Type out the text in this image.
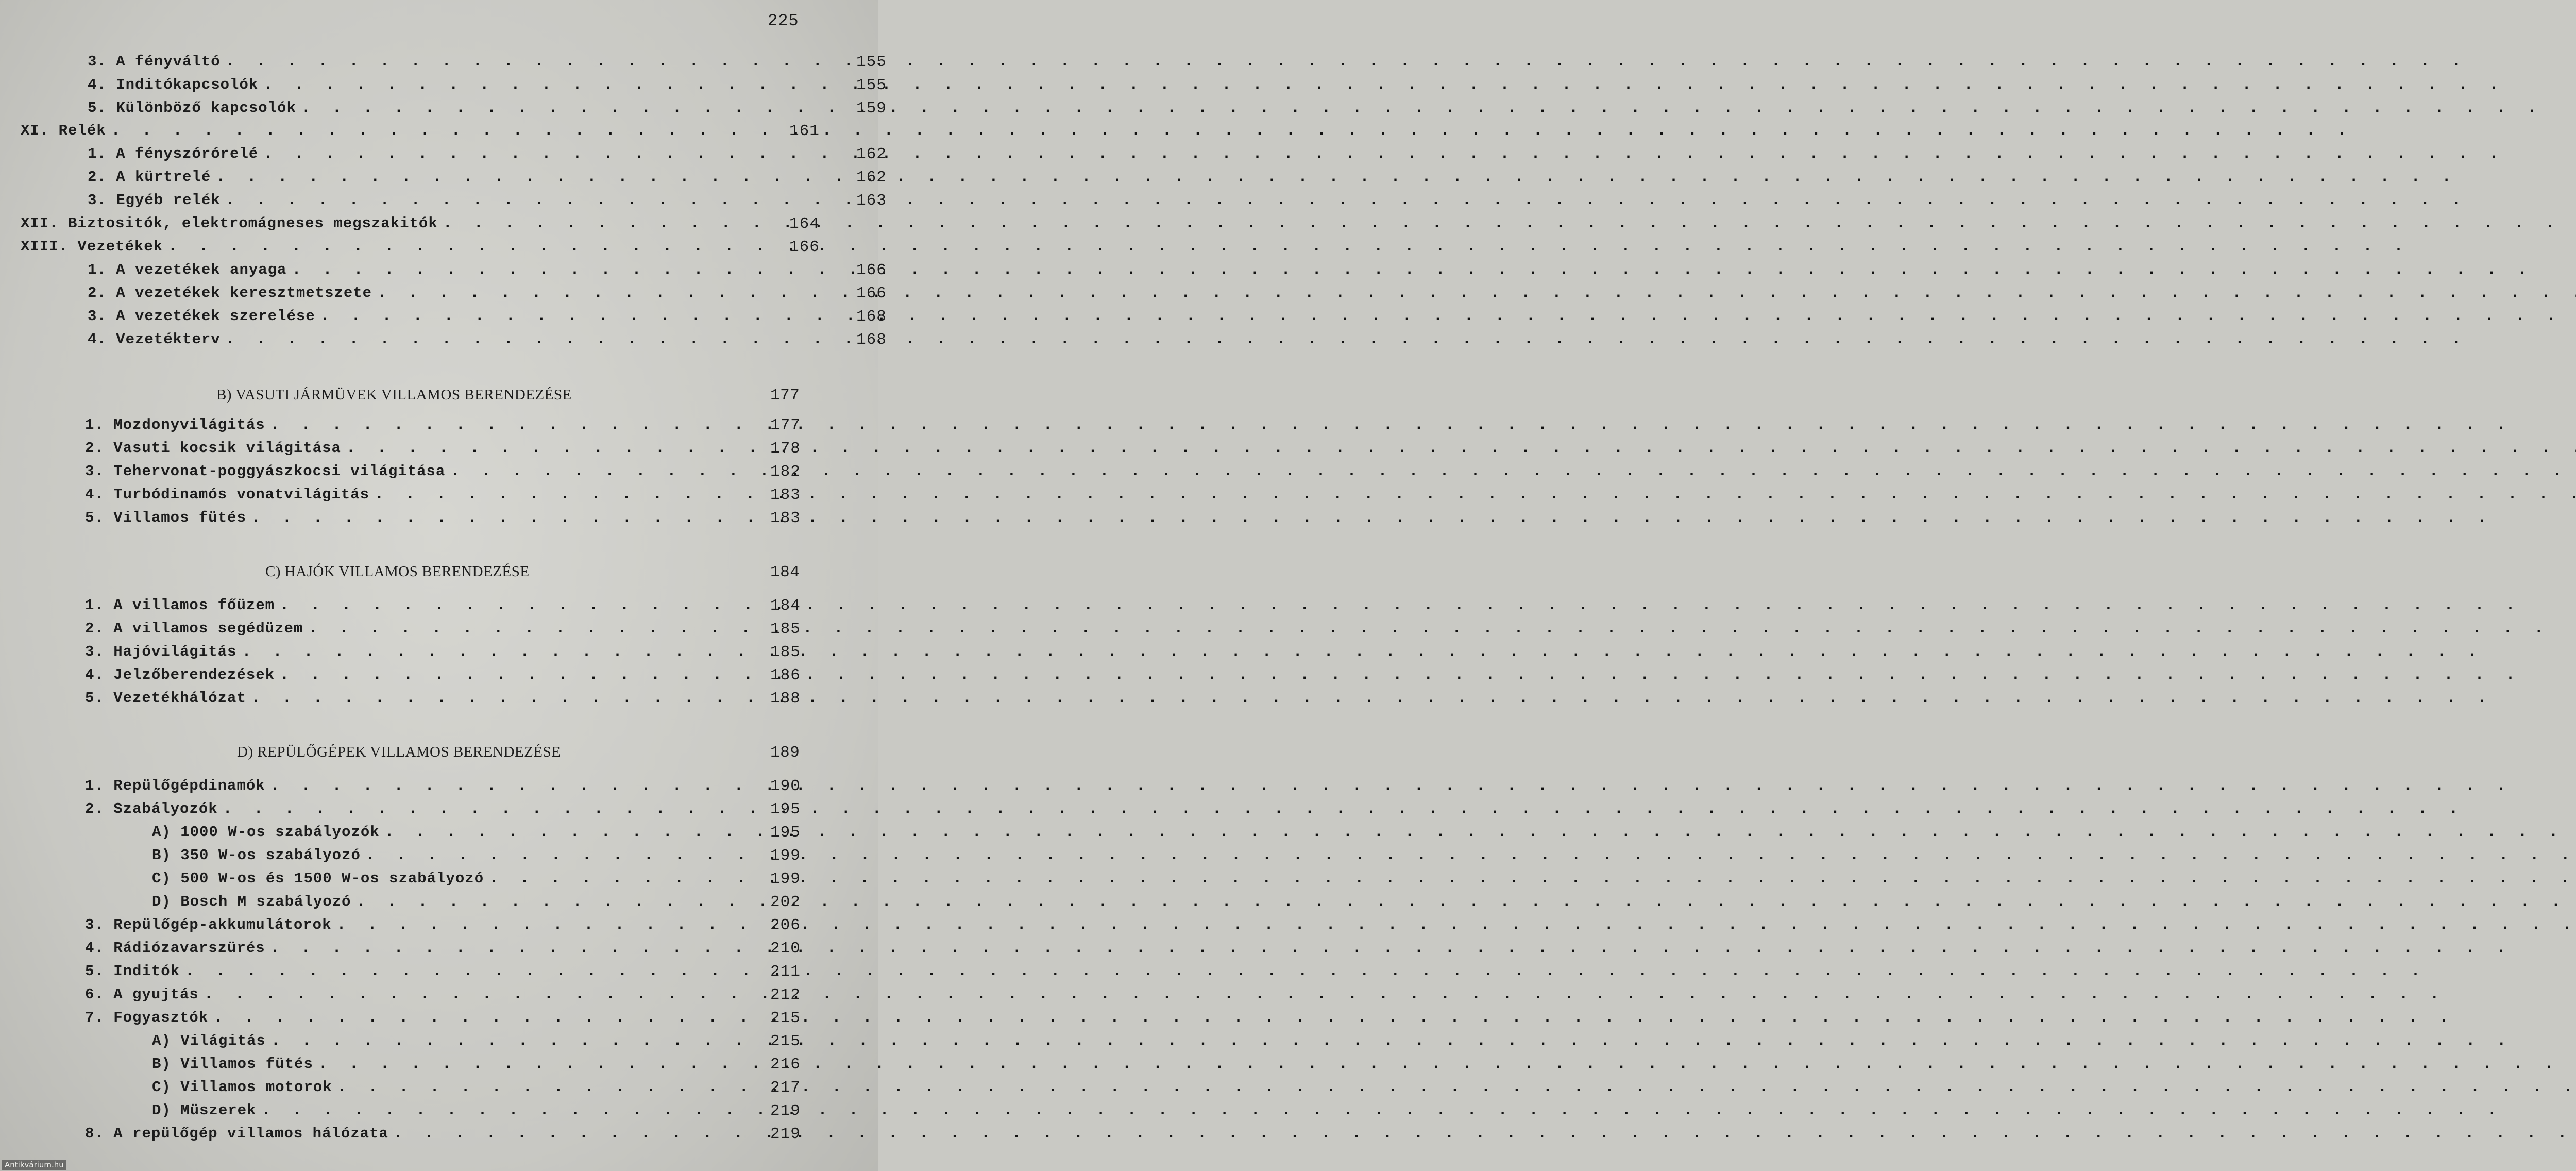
225
3. A fényváltó . . .	155
4. Inditókapcsolók . . .	155
5. Különböző kapcsolók . . .	159
XI. Relék . . .	161
1. A fényszórórelé . . .	162
2. A kürtrelé . . .	162
3. Egyéb relék . . .	163
XII. Biztositók, elektromágneses megszakitók . . .	164
XIII. Vezetékek . . .	166
1. A vezetékek anyaga . . .	166
2. A vezetékek keresztmetszete . . .	166
3. A vezetékek szerelése . . .	168
4. Vezetékterv . . .	168
B) VASUTI JÁRMÜVEK VILLAMOS BERENDEZÉSE	177
1. Mozdonyvilágitás . . .	177
2. Vasuti kocsik világitása . . .	178
3. Tehervonat-poggyászkocsi világitása . . .	182
4. Turbódinamós vonatvilágitás . . .	183
5. Villamos fütés . . .	183
C) HAJÓK VILLAMOS BERENDEZÉSE	184
1. A villamos főüzem . . .	184
2. A villamos segédüzem . . .	185
3. Hajóvilágitás . . .	185
4. Jelzőberendezések . . .	186
5. Vezetékhálózat . . .	188
D) REPÜLŐGÉPEK VILLAMOS BERENDEZÉSE	189
1. Repülőgépdinamók . . .	190
2. Szabályozók . . .	195
A) 1000 W-os szabályozók . . .	195
B) 350 W-os szabályozó . . .	199
C) 500 W-os és 1500 W-os szabályozó . . .	199
D) Bosch M szabályozó . . .	202
3. Repülőgép-akkumulátorok . . .	206
4. Rádiózavarszürés . . .	210
5. Inditók . . .	211
6. A gyujtás . . .	212
7. Fogyasztók . . .	215
A) Világitás . . .	215
B) Villamos fütés . . .	216
C) Villamos motorok . . .	217
D) Müszerek . . .	219
8. A repülőgép villamos hálózata . . .	219
Antikvárium.hu
